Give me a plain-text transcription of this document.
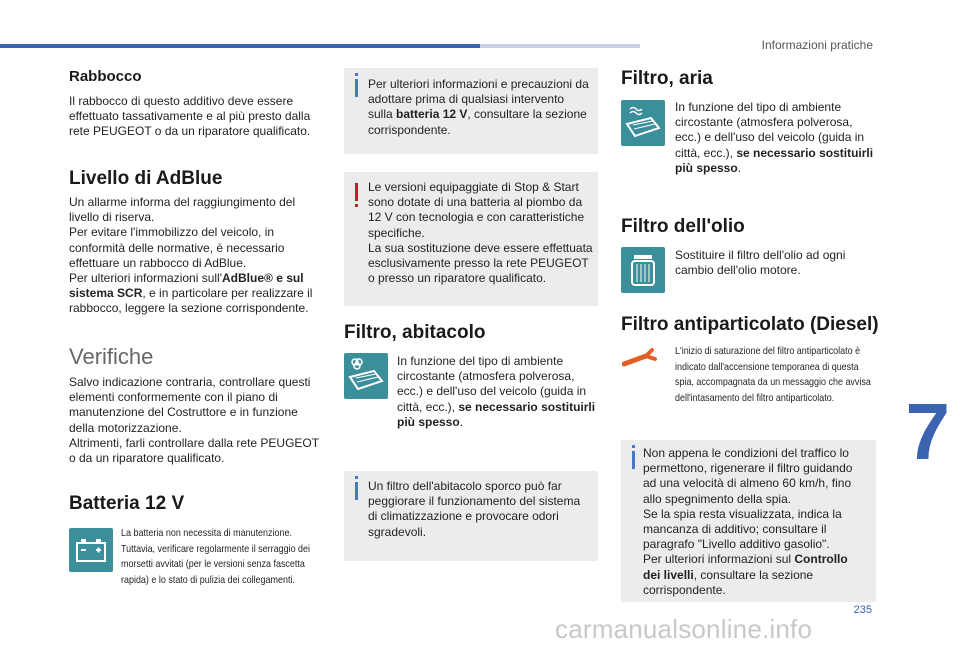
Informazioni pratiche
Rabbocco
Il rabbocco di questo additivo deve essere effettuato tassativamente e al più presto dalla rete PEUGEOT o da un riparatore qualificato.
Livello di AdBlue
Un allarme informa del raggiungimento del livello di riserva.
Per evitare l'immobilizzo del veicolo, in conformità delle normative, è necessario effettuare un rabbocco di AdBlue.
Per ulteriori informazioni sull'AdBlue® e sul sistema SCR, e in particolare per realizzare il rabbocco, leggere la sezione corrispondente.
Verifiche
Salvo indicazione contraria, controllare questi elementi conformemente con il piano di manutenzione del Costruttore e in funzione della motorizzazione.
Altrimenti, farli controllare dalla rete PEUGEOT o da un riparatore qualificato.
Batteria 12 V
La batteria non necessita di manutenzione. Tuttavia, verificare regolarmente il serraggio dei morsetti avvitati (per le versioni senza fascetta rapida) e lo stato di pulizia dei collegamenti.
Per ulteriori informazioni e precauzioni da adottare prima di qualsiasi intervento sulla batteria 12 V, consultare la sezione corrispondente.
Le versioni equipaggiate di Stop & Start sono dotate di una batteria al piombo da 12 V con tecnologia e con caratteristiche specifiche.
La sua sostituzione deve essere effettuata esclusivamente presso la rete PEUGEOT o presso un riparatore qualificato.
Filtro, abitacolo
In funzione del tipo di ambiente circostante (atmosfera polverosa, ecc.) e dell'uso del veicolo (guida in città, ecc.), se necessario sostituirli più spesso.
Un filtro dell'abitacolo sporco può far peggiorare il funzionamento del sistema di climatizzazione e provocare odori sgradevoli.
Filtro, aria
In funzione del tipo di ambiente circostante (atmosfera polverosa, ecc.) e dell'uso del veicolo (guida in città, ecc.), se necessario sostituirli più spesso.
Filtro dell'olio
Sostituire il filtro dell'olio ad ogni cambio dell'olio motore.
Filtro antiparticolato (Diesel)
L'inizio di saturazione del filtro antiparticolato è indicato dall'accensione temporanea di questa spia, accompagnata da un messaggio che avvisa dell'intasamento del filtro antiparticolato.
Non appena le condizioni del traffico lo permettono, rigenerare il filtro guidando ad una velocità di almeno 60 km/h, fino allo spegnimento della spia.
Se la spia resta visualizzata, indica la mancanza di additivo; consultare il paragrafo "Livello additivo gasolio".
Per ulteriori informazioni sul Controllo dei livelli, consultare la sezione corrispondente.
7
235
carmanualsonline.info
